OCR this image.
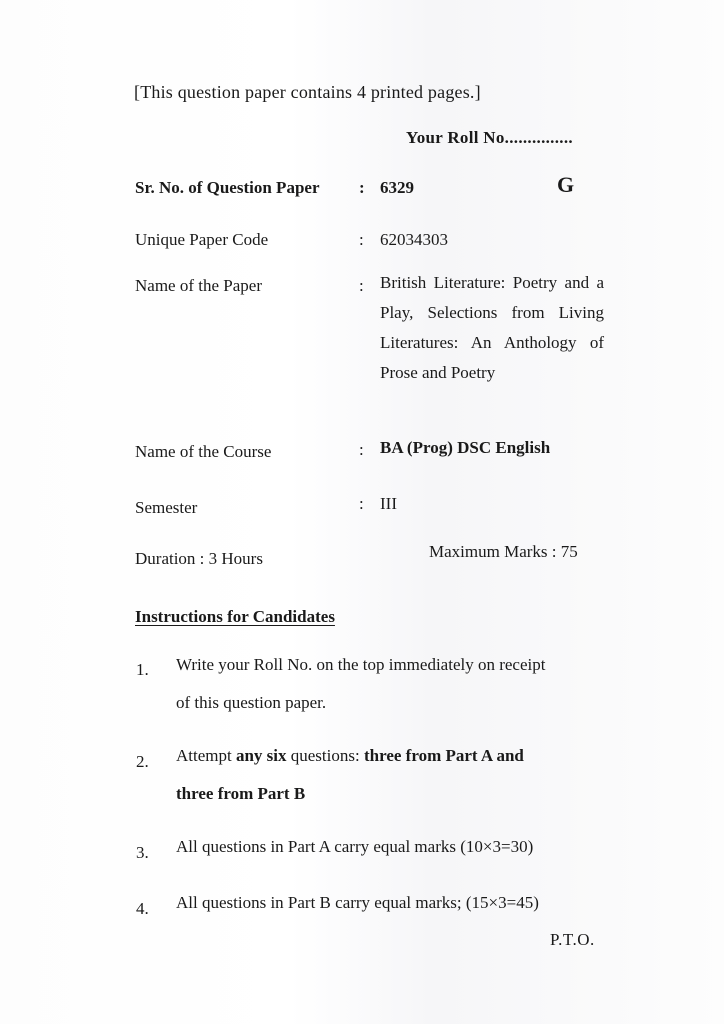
[This question paper contains 4 printed pages.]
Your Roll No...............
Sr. No. of Question Paper : 6329	G
Unique Paper Code	: 62034303
Name of the Paper	: British Literature: Poetry and a Play, Selections from Living Literatures: An Anthology of Prose and Poetry
Name of the Course	: BA (Prog) DSC English
Semester	: III
Duration : 3 Hours	Maximum Marks : 75
Instructions for Candidates
1. Write your Roll No. on the top immediately on receipt
of this question paper.
2. Attempt any six questions: three from Part A and
three from Part B
3. All questions in Part A carry equal marks (10×3=30)
4. All questions in Part B carry equal marks; (15×3=45)
P.T.O.
